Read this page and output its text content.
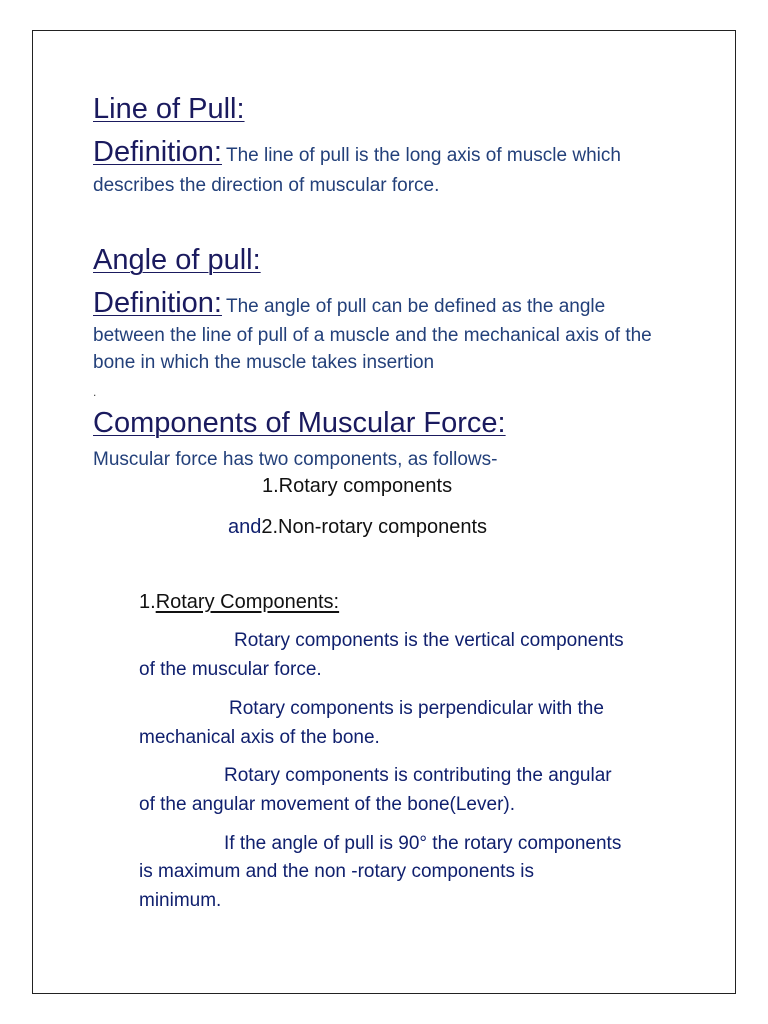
Line of Pull:
Definition: The line of pull is the long axis of muscle which
describes the direction of muscular force.
Angle of pull:
Definition: The angle of pull can be defined as the angle
between the line of pull of a muscle and the mechanical axis of the
bone in which the muscle takes insertion
.
Components of Muscular Force:
Muscular force has two components, as follows-
1.Rotary components
and2.Non-rotary components
1.Rotary Components:
Rotary components is the vertical components
of the muscular force.
Rotary components is perpendicular with the
mechanical axis of the bone.
Rotary components is contributing the angular
of the angular movement of the bone(Lever).
If the angle of pull is 90° the rotary components
is maximum and the non -rotary components is
minimum.
